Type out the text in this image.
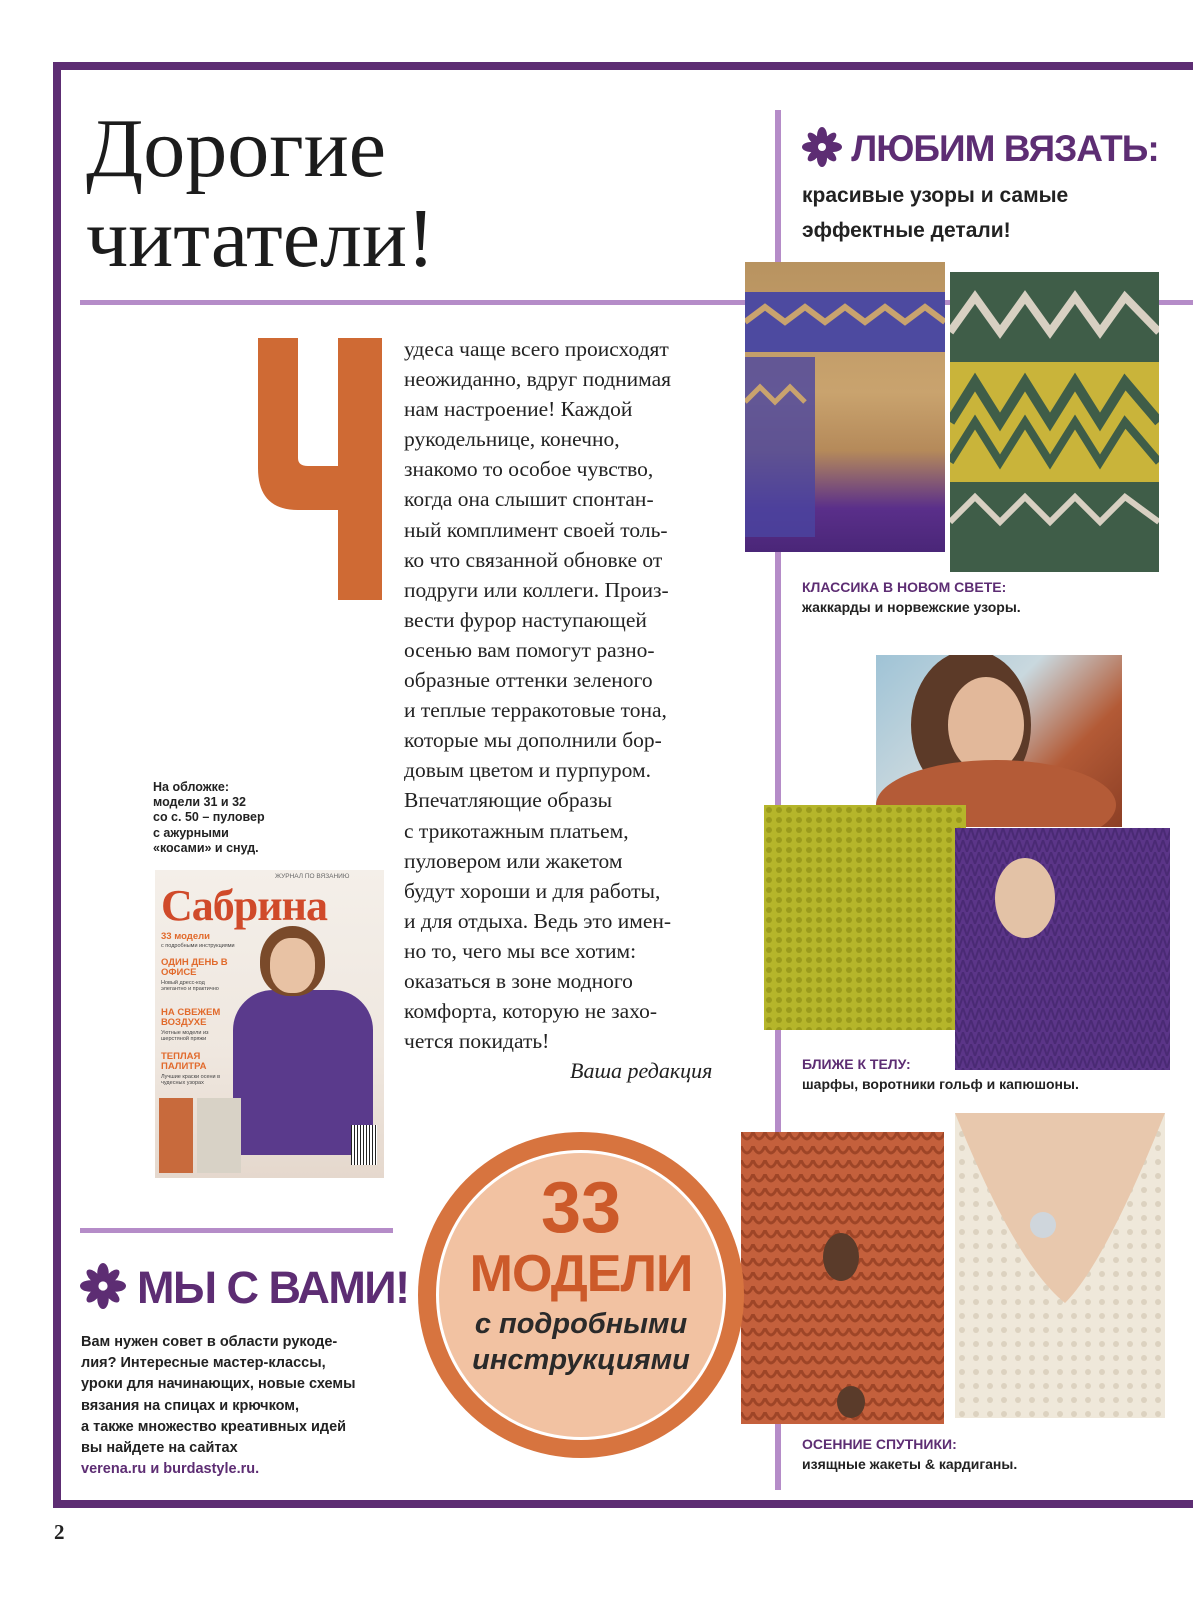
Дорогие
читатели!
удеса чаще всего происходят
неожиданно, вдруг поднимая
нам настроение! Каждой
рукодельнице, конечно,
знакомо то особое чувство,
когда она слышит спонтан-
ный комплимент своей толь-
ко что связанной обновке от
подруги или коллеги. Произ-
вести фурор наступающей
осенью вам помогут разно-
образные оттенки зеленого
и теплые терракотовые тона,
которые мы дополнили бор-
довым цветом и пурпуром.
Впечатляющие образы
с трикотажным платьем,
пуловером или жакетом
будут хороши и для работы,
и для отдыха. Ведь это имен-
но то, чего мы все хотим:
оказаться в зоне модного
комфорта, которую не захо-
чется покидать!
Ваша редакция
На обложке:
модели 31 и 32
со с. 50 – пуловер
с ажурными
«косами» и снуд.
ЖУРНАЛ ПО ВЯЗАНИЮ
Сабрина
33 модели
с подробными инструкциями
ОДИН ДЕНЬ В ОФИСЕ
Новый дресс-код элегантно и практично
НА СВЕЖЕМ ВОЗДУХЕ
Уютные модели из шерстяной пряжи
ТЕПЛАЯ ПАЛИТРА
Лучшие краски осени в чудесных узорах
ЛЮБИМ ВЯЗАТЬ:
красивые узоры и самые
эффектные детали!
КЛАССИКА В НОВОМ СВЕТЕ:
жаккарды и норвежские узоры.
БЛИЖЕ К ТЕЛУ:
шарфы, воротники гольф и капюшоны.
ОСЕННИЕ СПУТНИКИ:
изящные жакеты & кардиганы.
МЫ С ВАМИ!
Вам нужен совет в области рукоде-
лия? Интересные мастер-классы,
уроки для начинающих, новые схемы
вязания на спицах и крючком,
а также множество креативных идей
вы найдете на сайтах
verena.ru и burdastyle.ru.
33
МОДЕЛИ
с подробными
инструкциями
2
